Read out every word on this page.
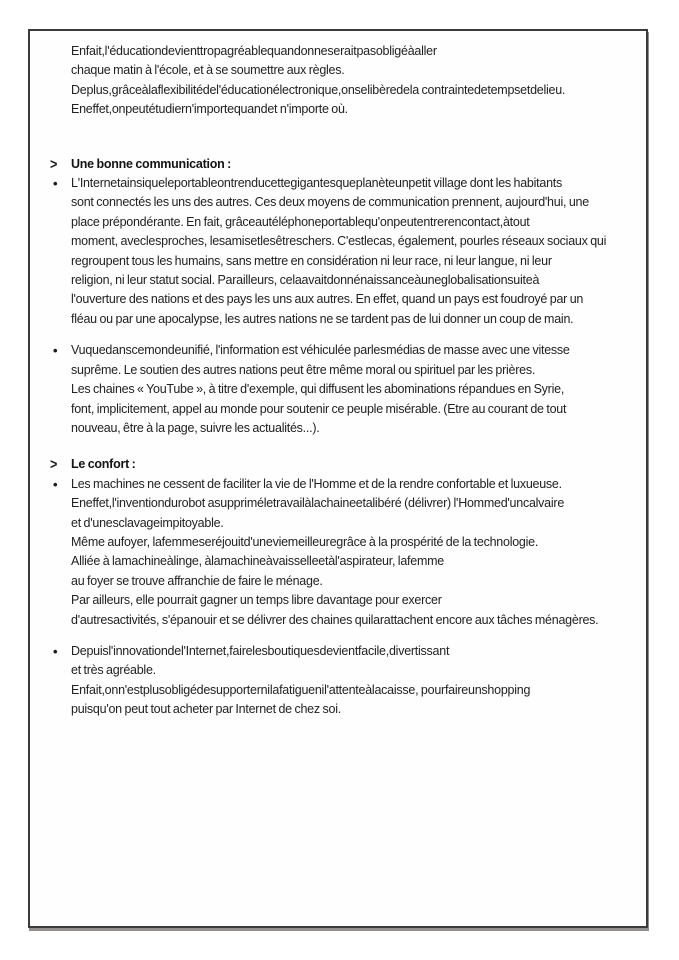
Enfait,l'éducationdevienttropagréablequandonneseraitpasobligéàaller
chaque matin à l'école, et à se soumettre aux règles.
Deplus,grâceàlaflexibilitédel'éducationélectronique,onselibèredela contraintedetempsetdelieu.
Eneffet,onpeutétudiern'importequandet n'importe où.
> Une bonne communication :
• L'Internetainsiqueleportableontrenducettegigantesqueplanèteunpetit village dont les habitants
sont connectés les uns des autres. Ces deux moyens de communication prennent, aujourd'hui, une
place prépondérante. En fait, grâceautéléphoneportablequ'onpeutentrerencontact,àtout
moment, aveclesproches, lesamisetlesêtreschers. C'estlecas, également, pourles réseaux sociaux qui
regroupent tous les humains, sans mettre en considération ni leur race, ni leur langue, ni leur
religion, ni leur statut social. Parailleurs, celaavaitdonnénaissanceàuneglobalisationsuiteà
l'ouverture des nations et des pays les uns aux autres. En effet, quand un pays est foudroyé par un
fléau ou par une apocalypse, les autres nations ne se tardent pas de lui donner un coup de main.
• Vuquedanscemondeunifié, l'information est véhiculée parlesmédias de masse avec une vitesse
suprême. Le soutien des autres nations peut être même moral ou spirituel par les prières.
Les chaines « YouTube », à titre d'exemple, qui diffusent les abominations répandues en Syrie,
font, implicitement, appel au monde pour soutenir ce peuple misérable. (Etre au courant de tout
nouveau, être à la page, suivre les actualités...).
> Le confort :
• Les machines ne cessent de faciliter la vie de l'Homme et de la rendre confortable et luxueuse.
Eneffet,l'inventiondurobot asuppriméletravailàlachaineetalibéré (délivrer) l'Hommed'uncalvaire
et d'unesclavageimpitoyable.
Même aufoyer, lafemmeseréjouitd'uneviemeilleuregrâce à la prospérité de la technologie.
Alliée à lamachineàlinge, àlamachineàvaisselleetàl'aspirateur, lafemme
au foyer se trouve affranchie de faire le ménage.
Par ailleurs, elle pourrait gagner un temps libre davantage pour exercer
d'autresactivités, s'épanouir et se délivrer des chaines quilarattachent encore aux tâches ménagères.
• Depuisl'innovationdel'Internet,fairelesboutiquesdevientfacile,divertissant
et très agréable.
Enfait,onn'estplusobligédesupporternilafatiguenil'attenteàlacaisse, pourfaireunshopping
puisqu'on peut tout acheter par Internet de chez soi.
